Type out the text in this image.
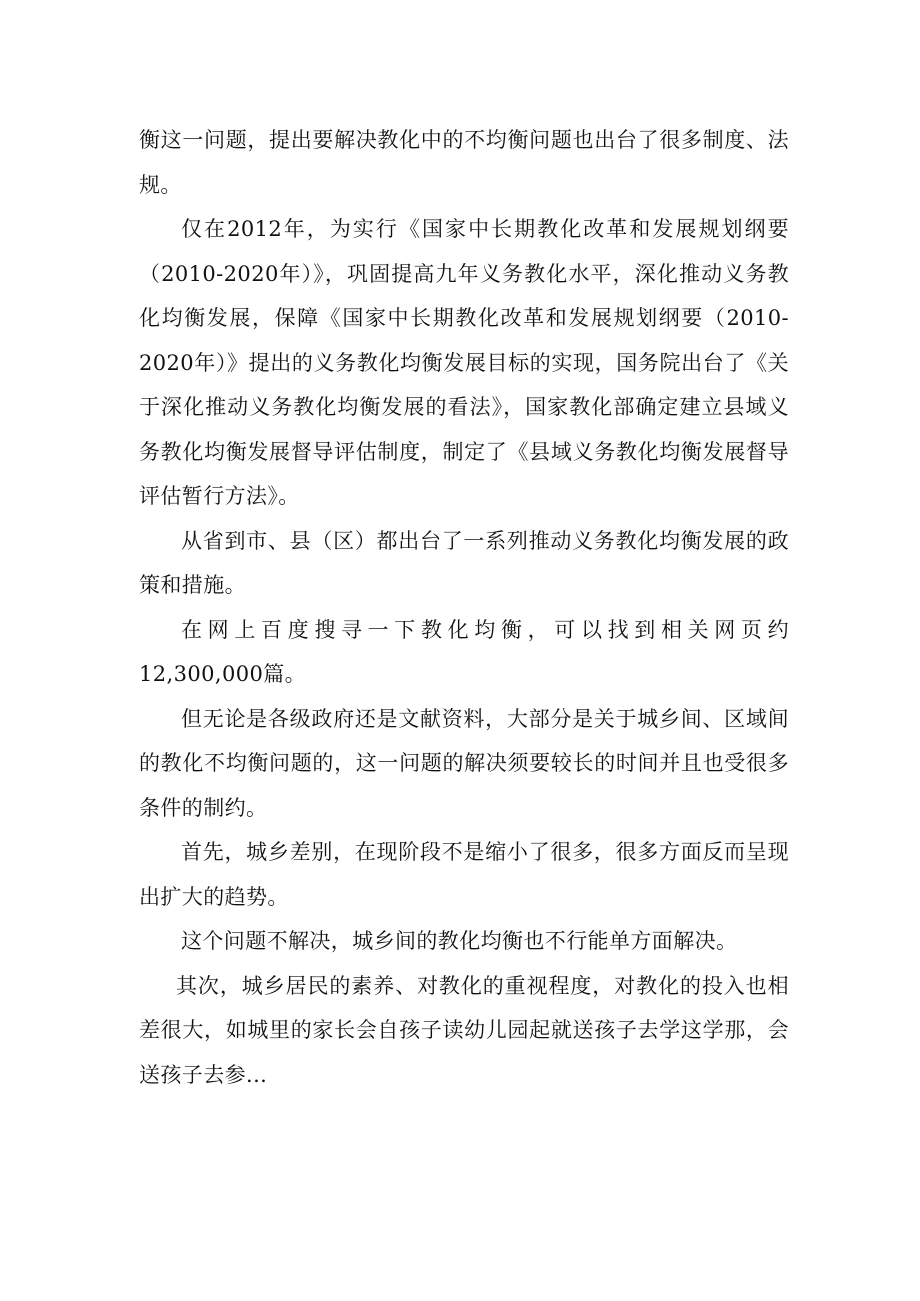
衡这一问题，提出要解决教化中的不均衡问题也出台了很多制度、法规。

仅在2012年，为实行《国家中长期教化改革和发展规划纲要（2010-2020年）》，巩固提高九年义务教化水平，深化推动义务教化均衡发展，保障《国家中长期教化改革和发展规划纲要（2010-2020年）》提出的义务教化均衡发展目标的实现，国务院出台了《关于深化推动义务教化均衡发展的看法》，国家教化部确定建立县域义务教化均衡发展督导评估制度，制定了《县域义务教化均衡发展督导评估暂行方法》。

从省到市、县（区）都出台了一系列推动义务教化均衡发展的政策和措施。

在网上百度搜寻一下教化均衡，可以找到相关网页约12,300,000篇。

但无论是各级政府还是文献资料，大部分是关于城乡间、区域间的教化不均衡问题的，这一问题的解决须要较长的时间并且也受很多条件的制约。

首先，城乡差别，在现阶段不是缩小了很多，很多方面反而呈现出扩大的趋势。

这个问题不解决，城乡间的教化均衡也不行能单方面解决。

其次，城乡居民的素养、对教化的重视程度，对教化的投入也相差很大，如城里的家长会自孩子读幼儿园起就送孩子去学这学那，会送孩子去参...
